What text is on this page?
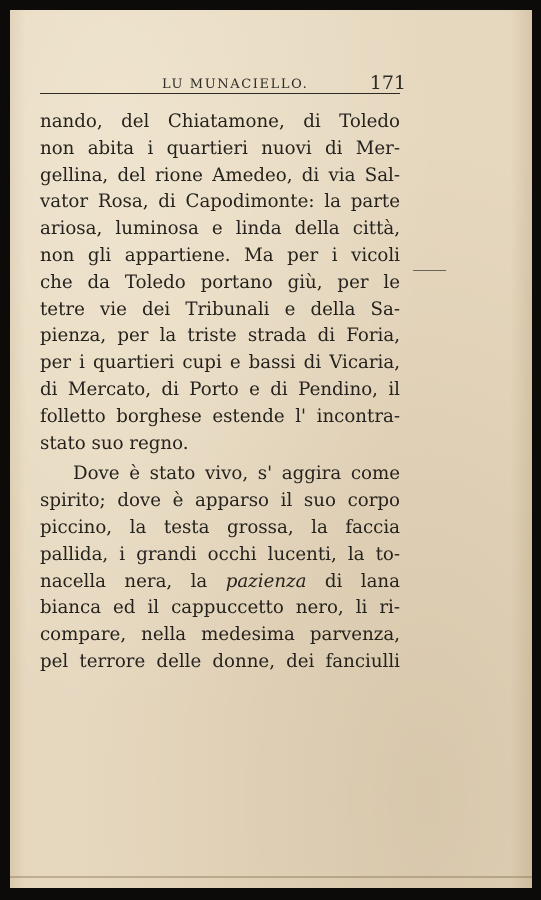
LU MUNACIELLO.	171
nando, del Chiatamone, di Toledo
non abita i quartieri nuovi di Mer-
gellina, del rione Amedeo, di via Sal-
vator Rosa, di Capodimonte: la parte
ariosa, luminosa e linda della città,
non gli appartiene. Ma per i vicoli
che da Toledo portano giù, per le
tetre vie dei Tribunali e della Sa-
pienza, per la triste strada di Foria,
per i quartieri cupi e bassi di Vicaria,
di Mercato, di Porto e di Pendino, il
folletto borghese estende l' incontra-
stato suo regno.
Dove è stato vivo, s' aggira come
spirito; dove è apparso il suo corpo
piccino, la testa grossa, la faccia
pallida, i grandi occhi lucenti, la to-
nacella nera, la pazienza di lana
bianca ed il cappuccetto nero, li ri-
compare, nella medesima parvenza,
pel terrore delle donne, dei fanciulli
